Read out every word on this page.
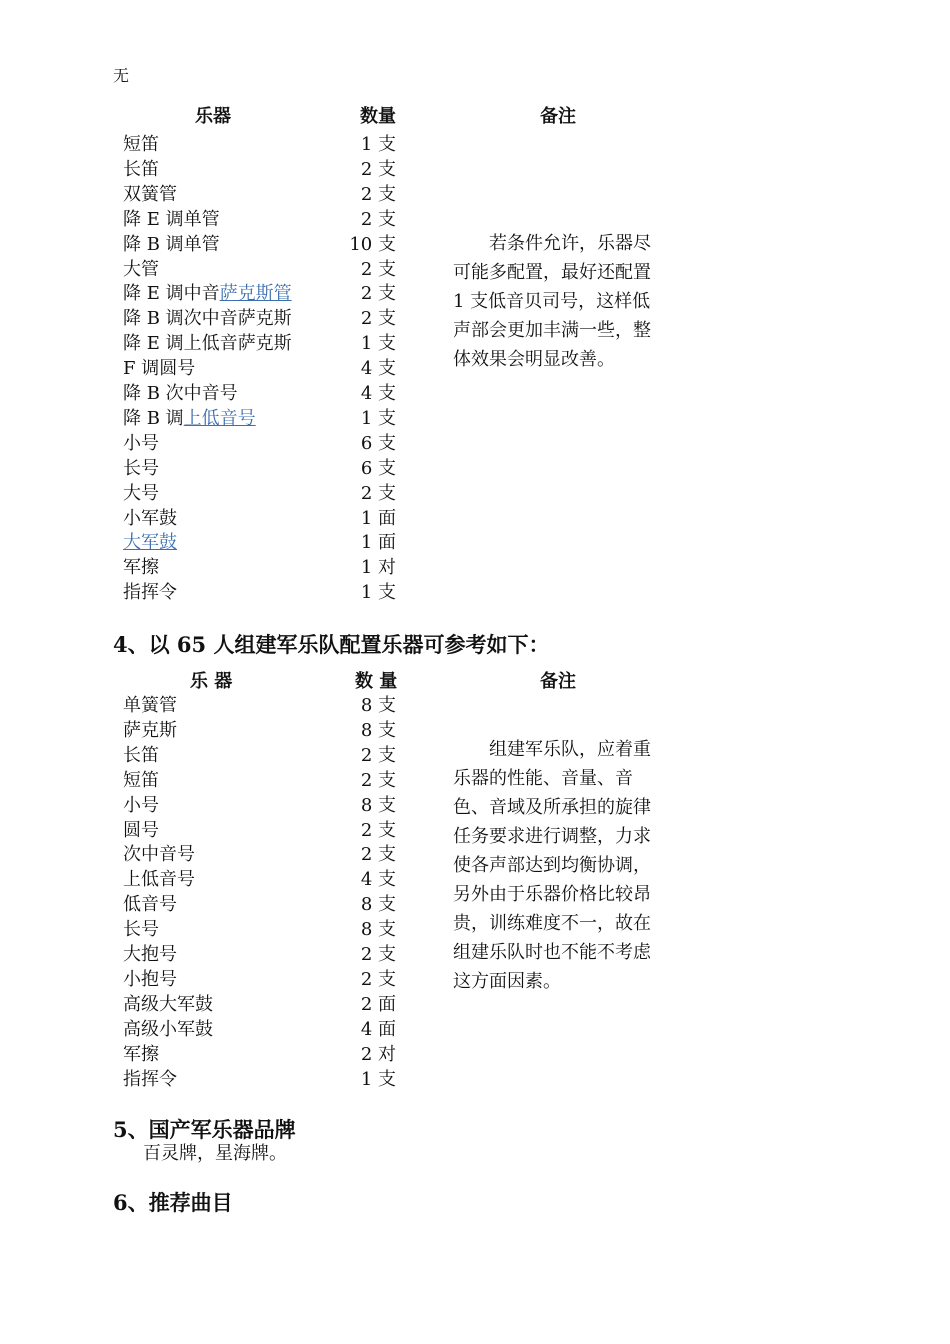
无
乐器	数量	备注
短笛	1 支
长笛	2 支
双簧管	2 支
降 E 调单管	2 支
降 B 调单管	10 支
大管	2 支
降 E 调中音萨克斯管	2 支
降 B 调次中音萨克斯	2 支
降 E 调上低音萨克斯	1 支
F 调圆号	4 支
降 B 次中音号	4 支
降 B 调上低音号	1 支
小号	6 支
长号	6 支
大号	2 支
小军鼓	1 面
大军鼓	1 面
军擦	1 对
指挥令	1 支

若条件允许，乐器尽可能多配置，最好还配置 1 支低音贝司号，这样低声部会更加丰满一些，整体效果会明显改善。

4、以 65 人组建军乐队配置乐器可参考如下：
乐 器	数 量	备注
单簧管	8 支
萨克斯	8 支
长笛	2 支
短笛	2 支
小号	8 支
圆号	2 支
次中音号	2 支
上低音号	4 支
低音号	8 支
长号	8 支
大抱号	2 支
小抱号	2 支
高级大军鼓	2 面
高级小军鼓	4 面
军擦	2 对
指挥令	1 支

组建军乐队，应着重乐器的性能、音量、音色、音域及所承担的旋律任务要求进行调整，力求使各声部达到均衡协调，另外由于乐器价格比较昂贵，训练难度不一，故在组建乐队时也不能不考虑这方面因素。

5、国产军乐器品牌
百灵牌，星海牌。
6、推荐曲目
